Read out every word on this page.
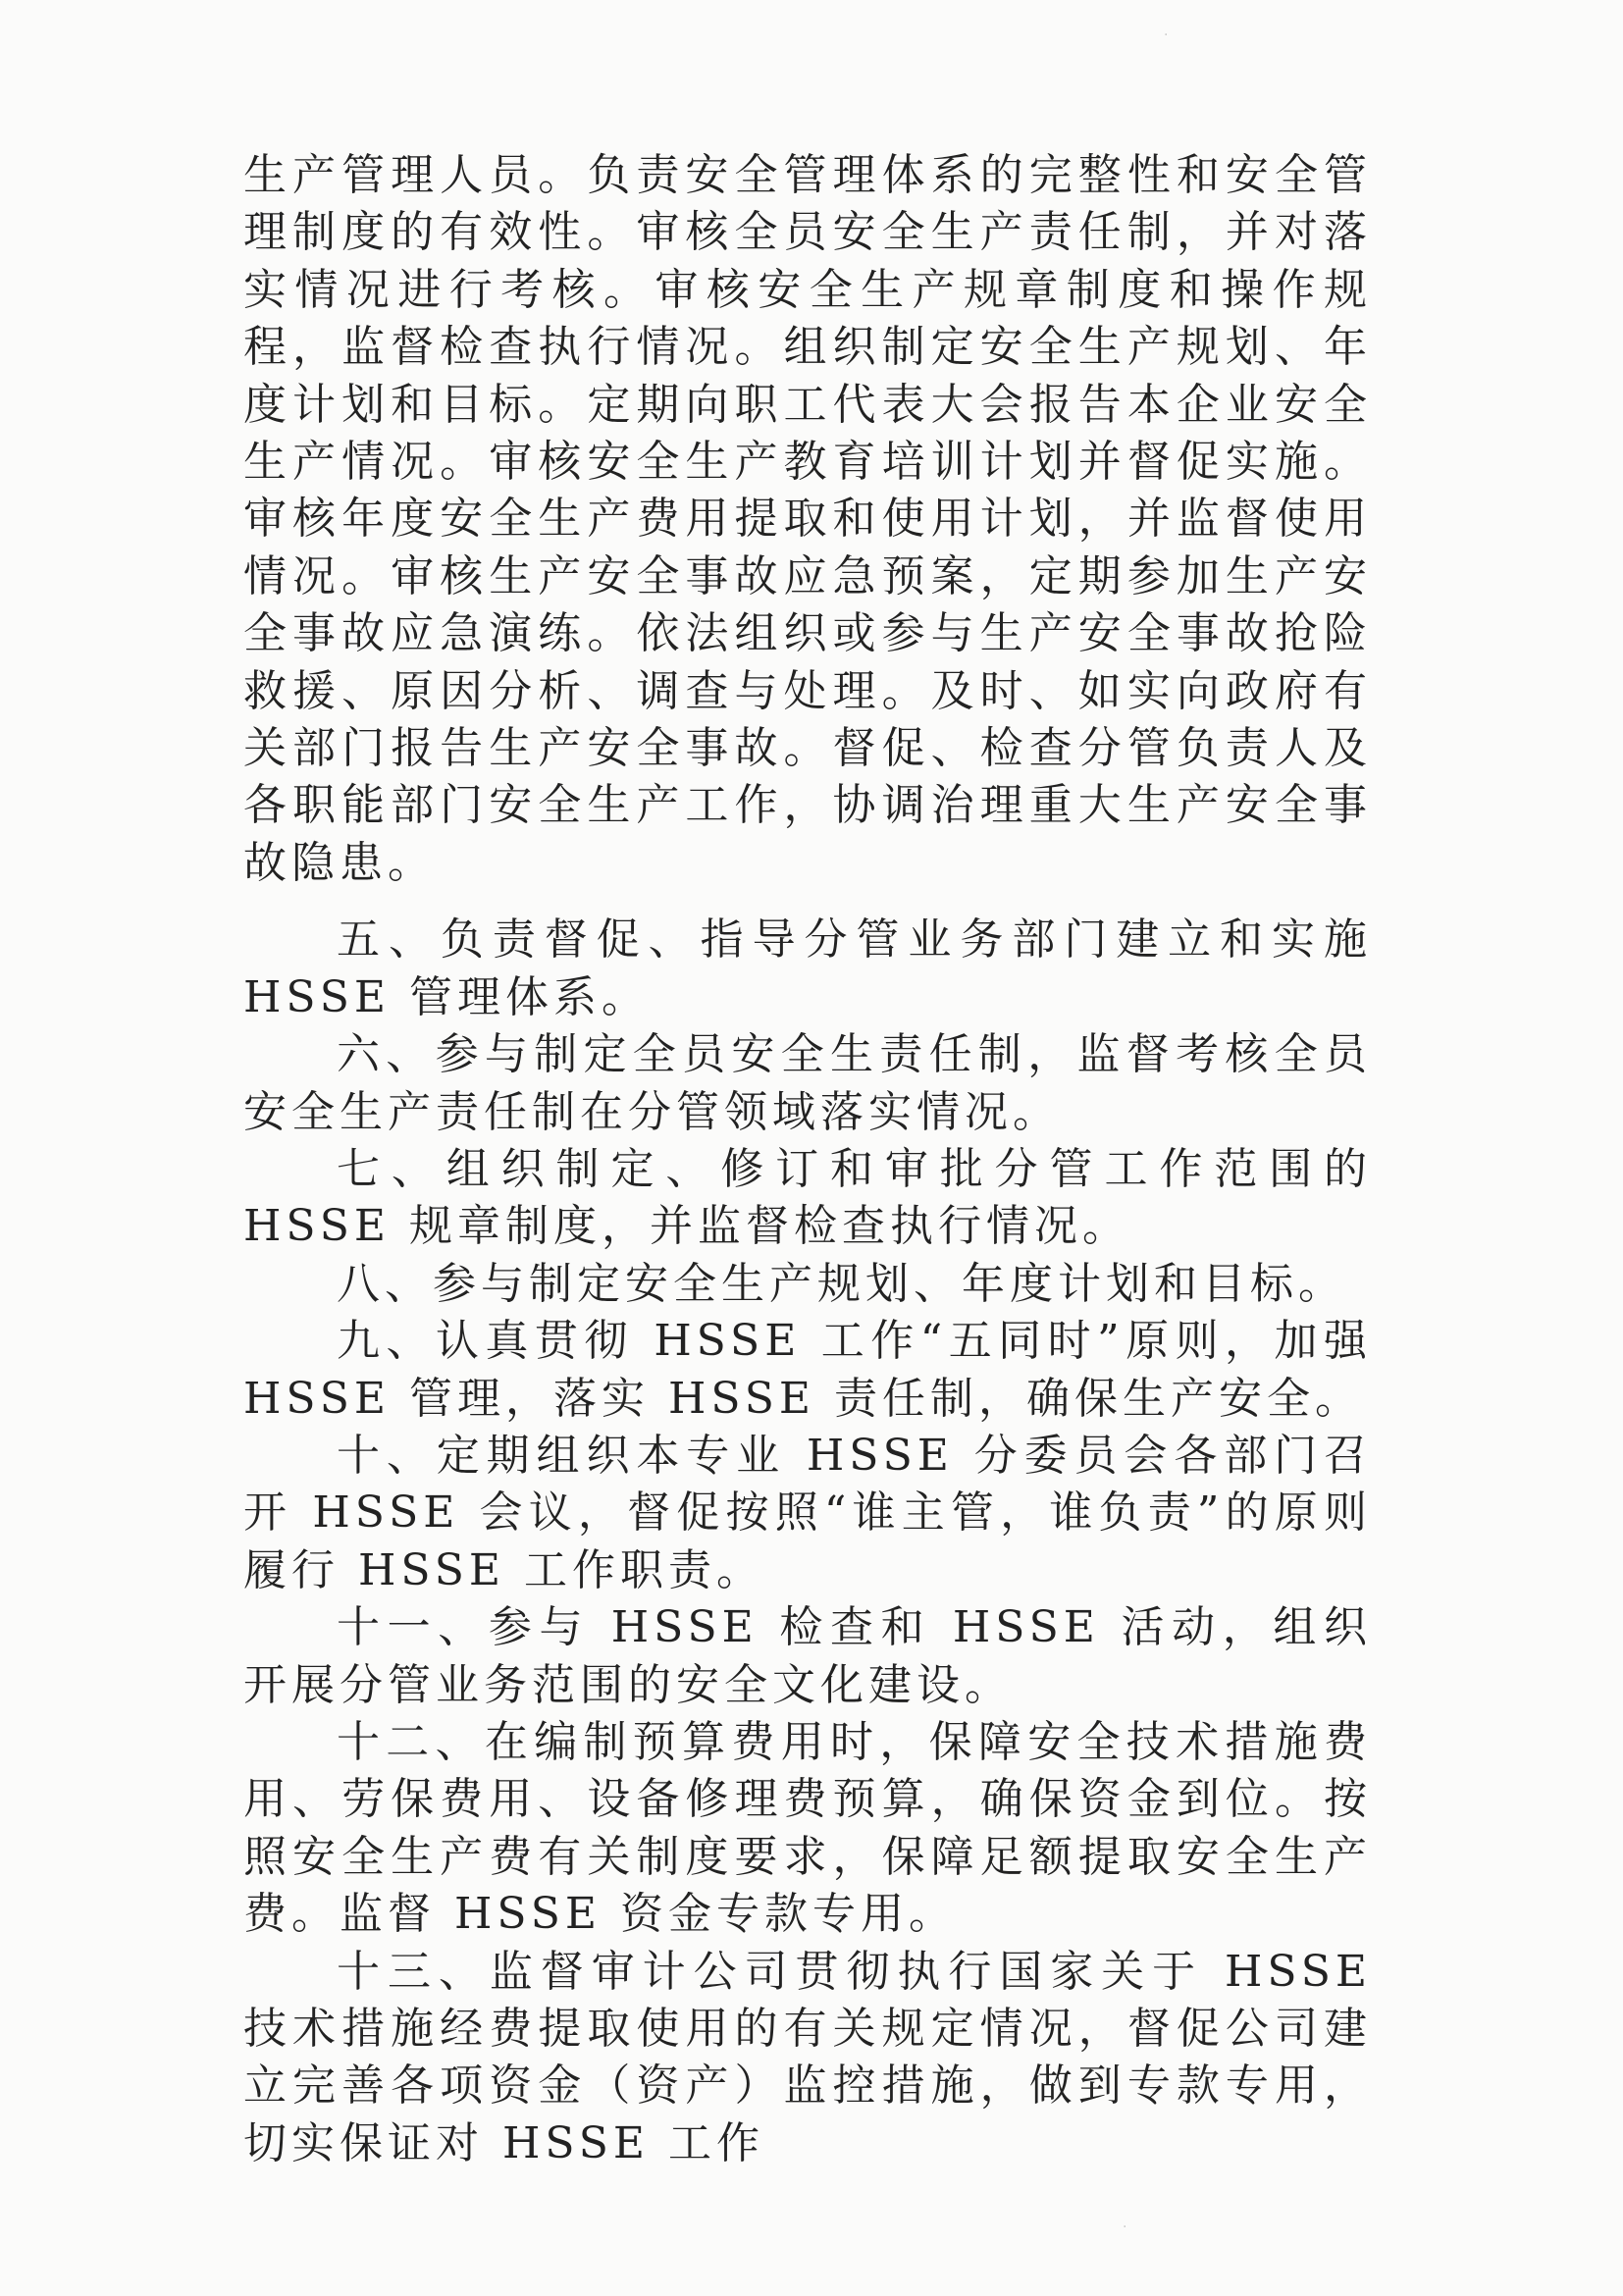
生产管理人员。负责安全管理体系的完整性和安全管理制度的有效性。审核全员安全生产责任制，并对落实情况进行考核。审核安全生产规章制度和操作规程，监督检查执行情况。组织制定安全生产规划、年度计划和目标。定期向职工代表大会报告本企业安全生产情况。审核安全生产教育培训计划并督促实施。审核年度安全生产费用提取和使用计划，并监督使用情况。审核生产安全事故应急预案，定期参加生产安全事故应急演练。依法组织或参与生产安全事故抢险救援、原因分析、调查与处理。及时、如实向政府有关部门报告生产安全事故。督促、检查分管负责人及各职能部门安全生产工作，协调治理重大生产安全事故隐患。

五、负责督促、指导分管业务部门建立和实施 HSSE 管理体系。

六、参与制定全员安全生责任制，监督考核全员安全生产责任制在分管领域落实情况。

七、组织制定、修订和审批分管工作范围的 HSSE 规章制度，并监督检查执行情况。

八、参与制定安全生产规划、年度计划和目标。

九、认真贯彻 HSSE 工作“五同时”原则，加强 HSSE 管理，落实 HSSE 责任制，确保生产安全。

十、定期组织本专业 HSSE 分委员会各部门召开 HSSE 会议，督促按照“谁主管，谁负责”的原则履行 HSSE 工作职责。

十一、参与 HSSE 检查和 HSSE 活动，组织开展分管业务范围的安全文化建设。

十二、在编制预算费用时，保障安全技术措施费用、劳保费用、设备修理费预算，确保资金到位。按照安全生产费有关制度要求，保障足额提取安全生产费。监督 HSSE 资金专款专用。

十三、监督审计公司贯彻执行国家关于 HSSE 技术措施经费提取使用的有关规定情况，督促公司建立完善各项资金（资产）监控措施，做到专款专用，切实保证对 HSSE 工作

·
·
